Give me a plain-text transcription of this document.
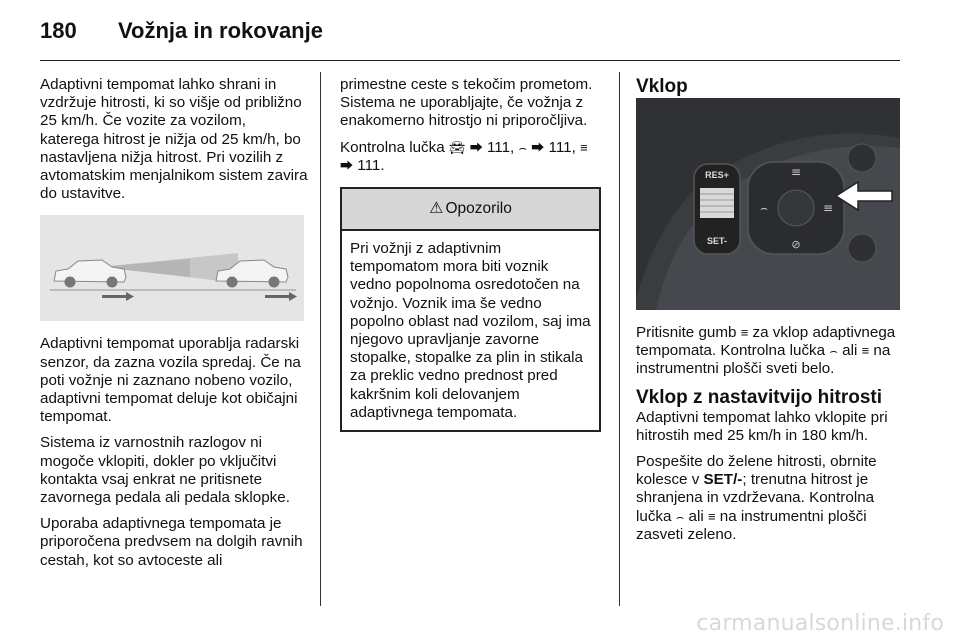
180 Vožnja in rokovanje

Adaptivni tempomat lahko shrani in vzdržuje hitrosti, ki so višje od približno 25 km/h. Če vozite za vozilom, katerega hitrost je nižja od 25 km/h, bo nastavljena nižja hitrost. Pri vozilih z avtomatskim menjalnikom sistem zavira do ustavitve.

Adaptivni tempomat uporablja radarski senzor, da zazna vozila spredaj. Če na poti vožnje ni zaznano nobeno vozilo, adaptivni tempomat deluje kot običajni tempomat.

Sistema iz varnostnih razlogov ni mogoče vklopiti, dokler po vključitvi kontakta vsaj enkrat ne pritisnete zavornega pedala ali pedala sklopke.

Uporaba adaptivnega tempomata je priporočena predvsem na dolgih ravnih cestah, kot so avtoceste ali

primestne ceste s tekočim prometom. Sistema ne uporabljajte, če vožnja z enakomerno hitrostjo ni priporočljiva.

Kontrolna lučka 🚘︎ ⮕ 111, ⌢ ⮕ 111, ≡
⮕ 111.

⚠ Opozorilo

Pri vožnji z adaptivnim tempomatom mora biti voznik vedno popolnoma osredotočen na vožnjo. Voznik ima še vedno popolno oblast nad vozilom, saj ima njegovo upravljanje zavorne stopalke, stopalke za plin in stikala za preklic vedno prednost pred kakršnim koli delovanjem adaptivnega tempomata.

Vklop
RES+
SET-
≡
⌢	≡
⊘

Pritisnite gumb ≡ za vklop adaptivnega tempomata. Kontrolna lučka ⌢ ali ≡ na instrumentni plošči sveti belo.

Vklop z nastavitvijo hitrosti

Adaptivni tempomat lahko vklopite pri hitrostih med 25 km/h in 180 km/h.

Pospešite do želene hitrosti, obrnite kolesce v SET/-; trenutna hitrost je shranjena in vzdrževana. Kontrolna lučka ⌢ ali ≡ na instrumentni plošči zasveti zeleno.

carmanualsonline.info
